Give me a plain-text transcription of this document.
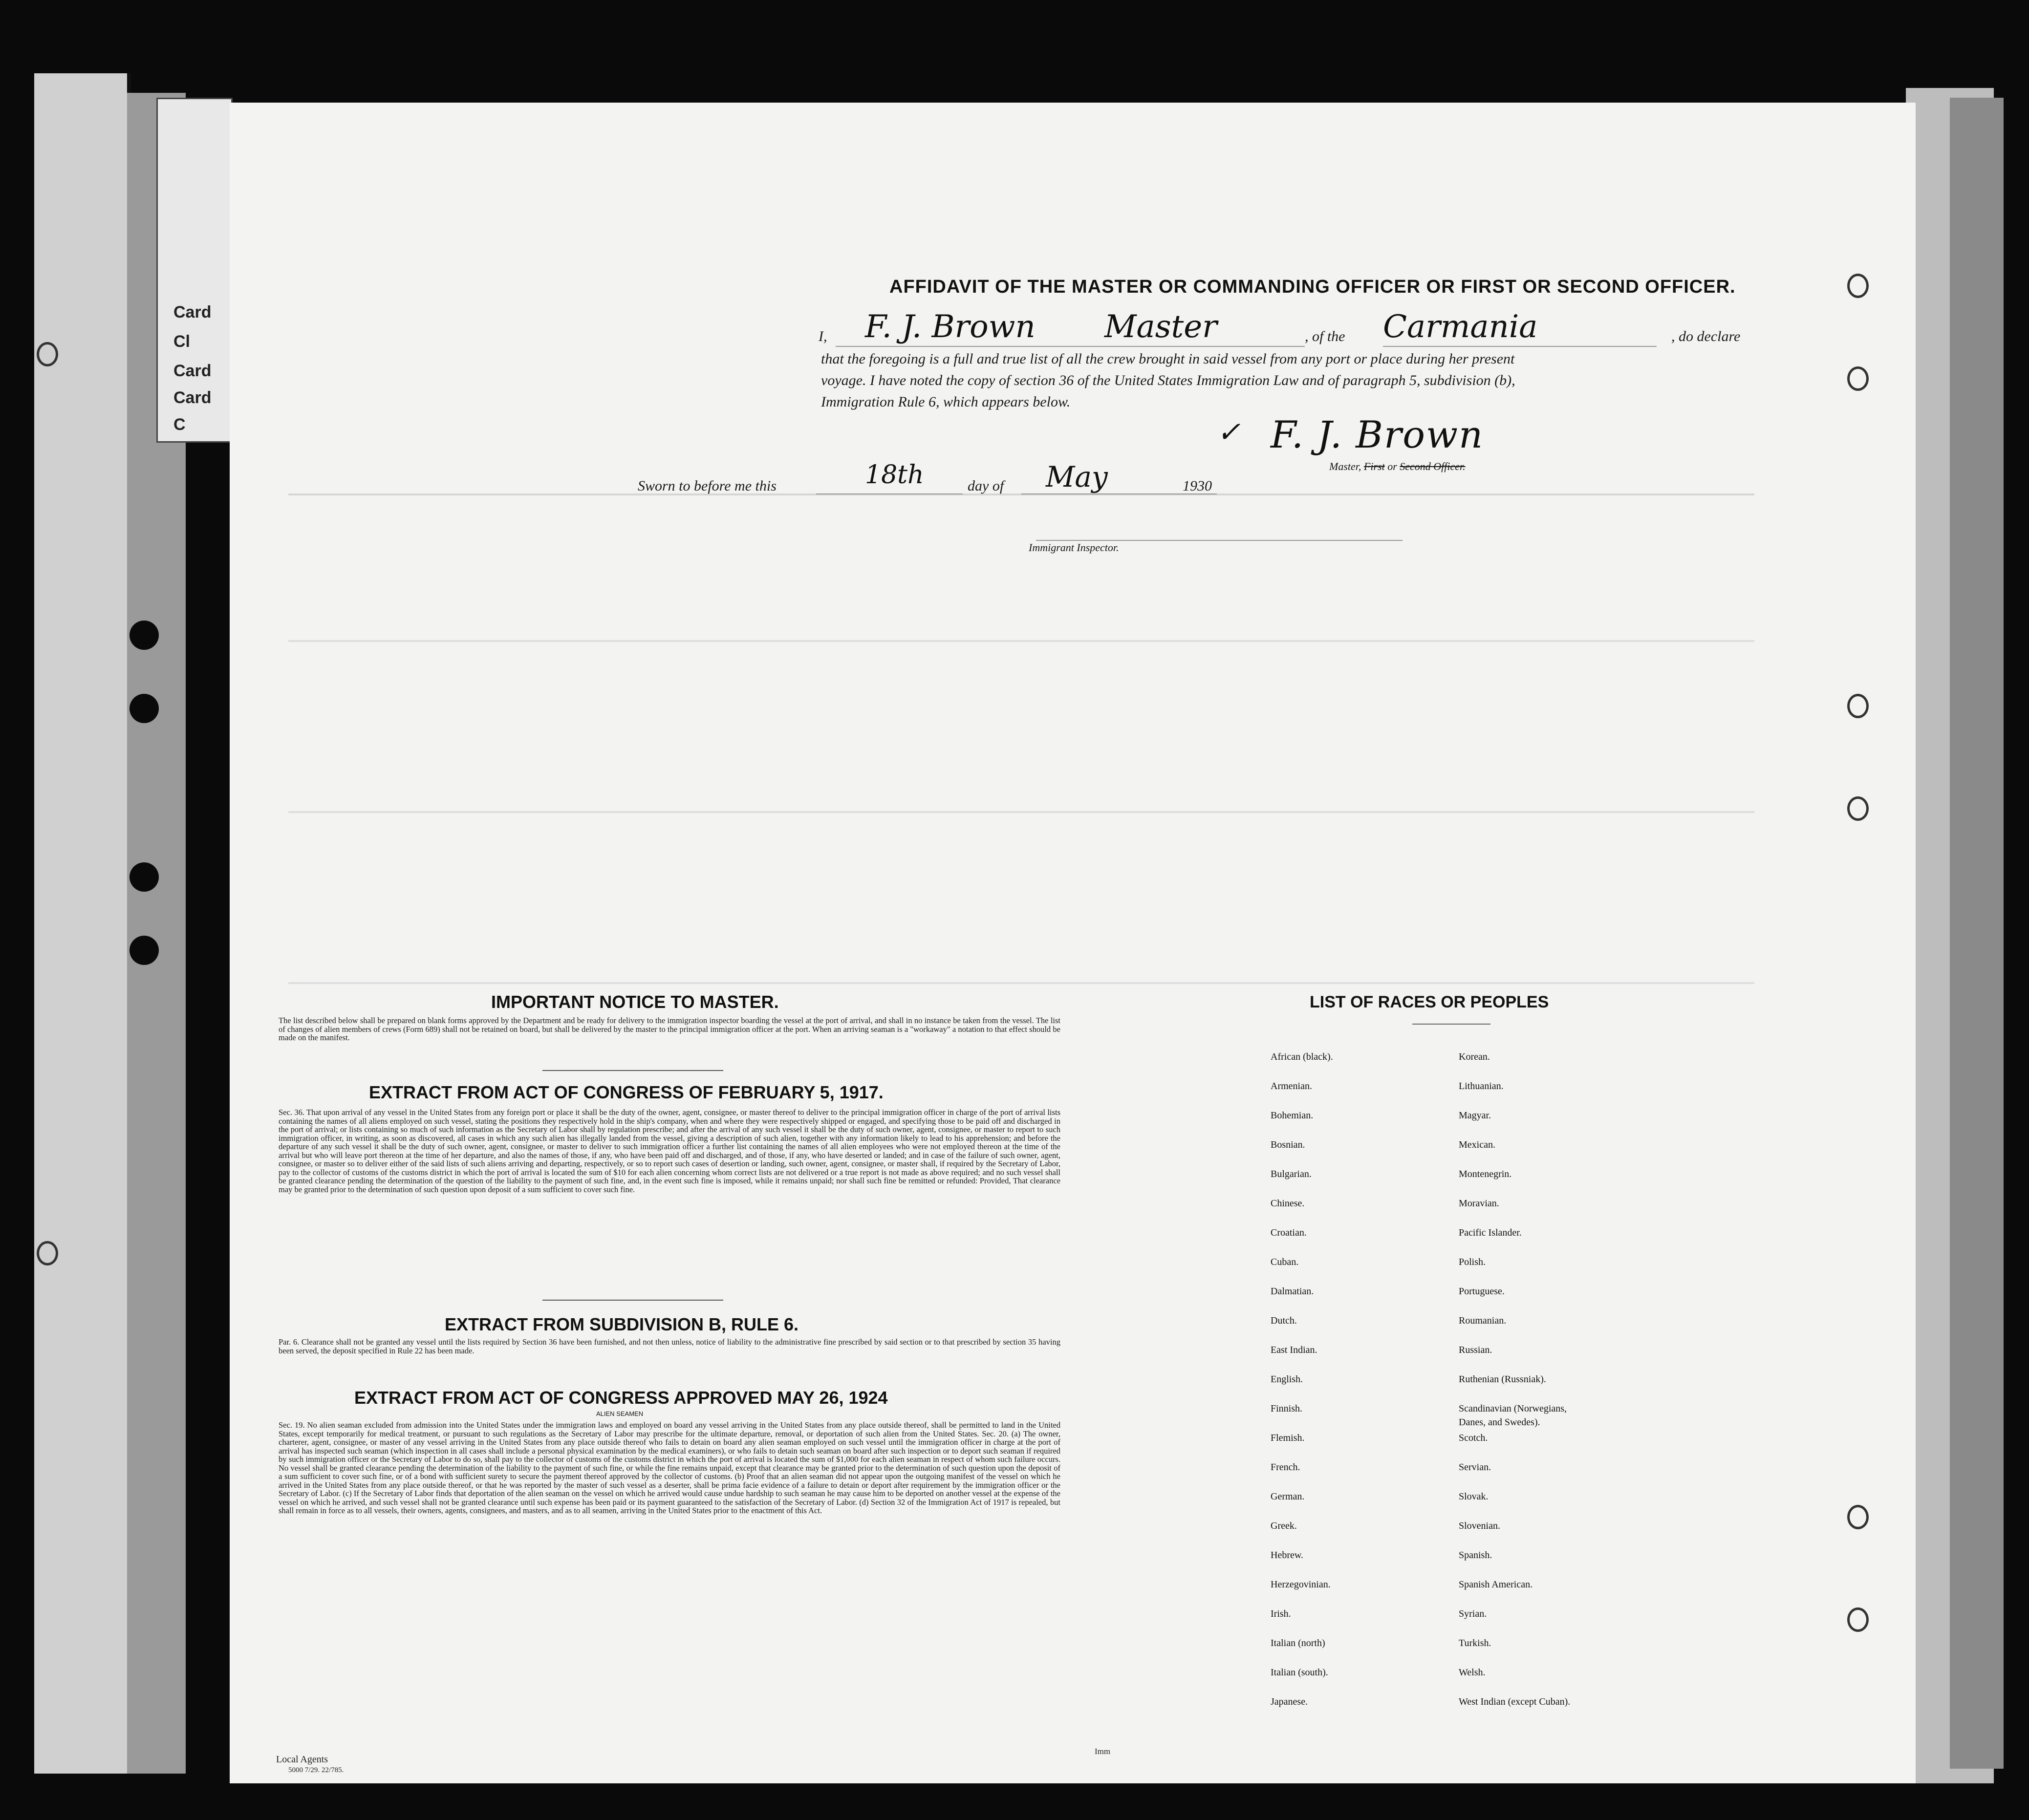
Card
Cl
Card
Card
C
AFFIDAVIT OF THE MASTER OR COMMANDING OFFICER OR FIRST OR SECOND OFFICER.
I, F. J. Brown Master	, of the Carmania	, do declare
that the foregoing is a full and true list of all the crew brought in said vessel from any port or place during her present
voyage. I have noted the copy of section 36 of the United States Immigration Law and of paragraph 5, subdivision (b),
Immigration Rule 6, which appears below.
✓ F. J. Brown
Master, First or Second Officer.
Sworn to before me this	18th	day of May	1930
Immigrant Inspector.
IMPORTANT NOTICE TO MASTER.
The list described below shall be prepared on blank forms approved by the Department and be ready for delivery to the immigration inspector boarding the vessel at the port of arrival, and shall in no instance be taken from the vessel. The list of changes of alien members of crews (Form 689) shall not be retained on board, but shall be delivered by the master to the principal immigration officer at the port. When an arriving seaman is a "workaway" a notation to that effect should be made on the manifest.
EXTRACT FROM ACT OF CONGRESS OF FEBRUARY 5, 1917.
Sec. 36. That upon arrival of any vessel in the United States from any foreign port or place it shall be the duty of the owner, agent, consignee, or master thereof to deliver to the principal immigration officer in charge of the port of arrival lists containing the names of all aliens employed on such vessel, stating the positions they respectively hold in the ship's company, when and where they were respectively shipped or engaged, and specifying those to be paid off and discharged in the port of arrival; or lists containing so much of such information as the Secretary of Labor shall by regulation prescribe; and after the arrival of any such vessel it shall be the duty of such owner, agent, consignee, or master to report to such immigration officer, in writing, as soon as discovered, all cases in which any such alien has illegally landed from the vessel, giving a description of such alien, together with any information likely to lead to his apprehension; and before the departure of any such vessel it shall be the duty of such owner, agent, consignee, or master to deliver to such immigration officer a further list containing the names of all alien employees who were not employed thereon at the time of the arrival but who will leave port thereon at the time of her departure, and also the names of those, if any, who have been paid off and discharged, and of those, if any, who have deserted or landed; and in case of the failure of such owner, agent, consignee, or master so to deliver either of the said lists of such aliens arriving and departing, respectively, or so to report such cases of desertion or landing, such owner, agent, consignee, or master shall, if required by the Secretary of Labor, pay to the collector of customs of the customs district in which the port of arrival is located the sum of $10 for each alien concerning whom correct lists are not delivered or a true report is not made as above required; and no such vessel shall be granted clearance pending the determination of the question of the liability to the payment of such fine, and, in the event such fine is imposed, while it remains unpaid; nor shall such fine be remitted or refunded: Provided, That clearance may be granted prior to the determination of such question upon deposit of a sum sufficient to cover such fine.
EXTRACT FROM SUBDIVISION B, RULE 6.
Par. 6. Clearance shall not be granted any vessel until the lists required by Section 36 have been furnished, and not then unless, notice of liability to the administrative fine prescribed by said section or to that prescribed by section 35 having been served, the deposit specified in Rule 22 has been made.
EXTRACT FROM ACT OF CONGRESS APPROVED MAY 26, 1924
ALIEN SEAMEN
Sec. 19. No alien seaman excluded from admission into the United States under the immigration laws and employed on board any vessel arriving in the United States from any place outside thereof, shall be permitted to land in the United States, except temporarily for medical treatment, or pursuant to such regulations as the Secretary of Labor may prescribe for the ultimate departure, removal, or deportation of such alien from the United States. Sec. 20. (a) The owner, charterer, agent, consignee, or master of any vessel arriving in the United States from any place outside thereof who fails to detain on board any alien seaman employed on such vessel until the immigration officer in charge at the port of arrival has inspected such seaman (which inspection in all cases shall include a personal physical examination by the medical examiners), or who fails to detain such seaman on board after such inspection or to deport such seaman if required by such immigration officer or the Secretary of Labor to do so, shall pay to the collector of customs of the customs district in which the port of arrival is located the sum of $1,000 for each alien seaman in respect of whom such failure occurs. No vessel shall be granted clearance pending the determination of the liability to the payment of such fine, or while the fine remains unpaid, except that clearance may be granted prior to the determination of such question upon the deposit of a sum sufficient to cover such fine, or of a bond with sufficient surety to secure the payment thereof approved by the collector of customs. (b) Proof that an alien seaman did not appear upon the outgoing manifest of the vessel on which he arrived in the United States from any place outside thereof, or that he was reported by the master of such vessel as a deserter, shall be prima facie evidence of a failure to detain or deport after requirement by the immigration officer or the Secretary of Labor. (c) If the Secretary of Labor finds that deportation of the alien seaman on the vessel on which he arrived would cause undue hardship to such seaman he may cause him to be deported on another vessel at the expense of the vessel on which he arrived, and such vessel shall not be granted clearance until such expense has been paid or its payment guaranteed to the satisfaction of the Secretary of Labor. (d) Section 32 of the Immigration Act of 1917 is repealed, but shall remain in force as to all vessels, their owners, agents, consignees, and masters, and as to all seamen, arriving in the United States prior to the enactment of this Act.
LIST OF RACES OR PEOPLES
African (black).
Armenian.
Bohemian.
Bosnian.
Bulgarian.
Chinese.
Croatian.
Cuban.
Dalmatian.
Dutch.
East Indian.
English.
Finnish.
Flemish.
French.
German.
Greek.
Hebrew.
Herzegovinian.
Irish.
Italian (north)
Italian (south).
Japanese.
Korean.
Lithuanian.
Magyar.
Mexican.
Montenegrin.
Moravian.
Pacific Islander.
Polish.
Portuguese.
Roumanian.
Russian.
Ruthenian (Russniak).
Scandinavian (Norwegians,
Danes, and Swedes).
Scotch.
Servian.
Slovak.
Slovenian.
Spanish.
Spanish American.
Syrian.
Turkish.
Welsh.
West Indian (except Cuban).
Local Agents
5000 7/29. 22/785.
Imm
